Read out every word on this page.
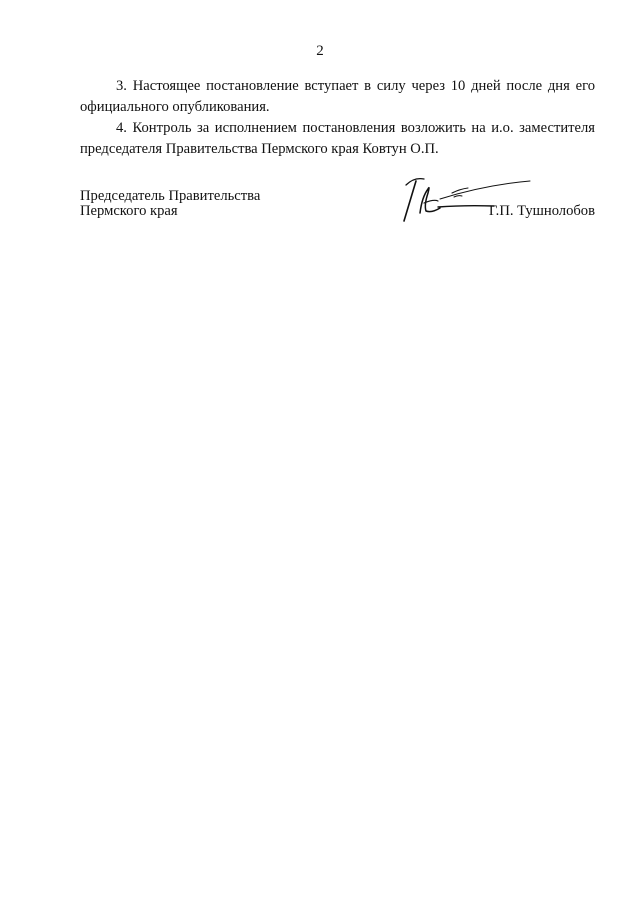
2

3. Настоящее постановление вступает в силу через 10 дней после дня его официального опубликования.

4. Контроль за исполнением постановления возложить на и.о. заместителя председателя Правительства Пермского края Ковтун О.П.

Председатель Правительства
Пермского края	Г.П. Тушнолобов
